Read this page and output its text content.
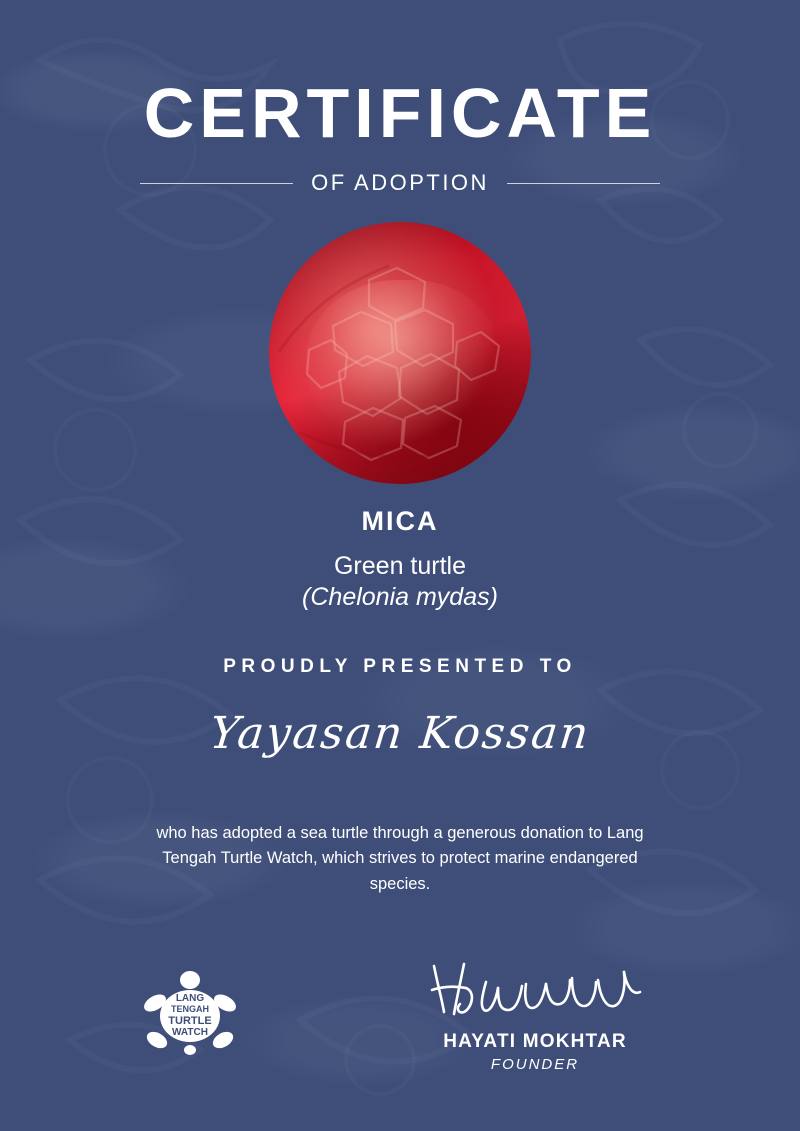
CERTIFICATE
OF ADOPTION
MICA
Green turtle
(Chelonia mydas)
PROUDLY PRESENTED TO
Yayasan Kossan
who has adopted a sea turtle through a generous donation to Lang Tengah Turtle Watch, which strives to protect marine endangered species.
LANG
TENGAH
TURTLE
WATCH	HAYATI MOKHTAR
FOUNDER
